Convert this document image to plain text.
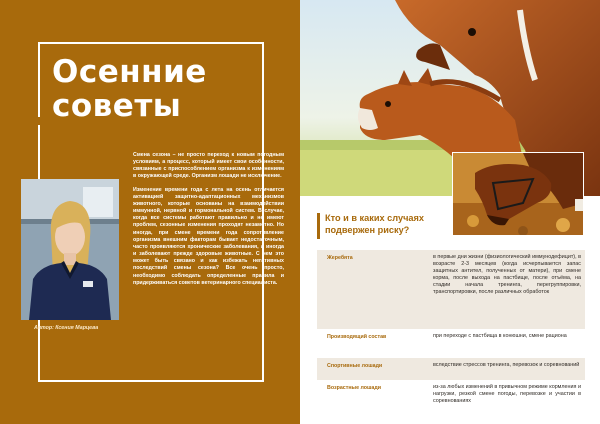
Осенние
советы
Автор: Ксения Марцева

Смена сезона – не просто переход к новым погодным условиям, а процесс, который имеет свои особенности, связанные с приспособлением организма к изменениям в окружающей среде. Организм лошади не исключение.

Изменение времени года с лета на осень отличается активацией защитно-адаптационных механизмов животного, которые основаны на взаимодействии иммунной, нервной и гормональной систем. В случае, когда все системы работают правильно и не имеют проблем, сезонные изменения проходят незаметно. Но иногда, при смене времени года сопротивление организма внешним факторам бывает недостаточным, часто проявляются хронические заболевания, а иногда и заболевают прежде здоровые животные. С чем это может быть связано и как избежать негативных последствий смены сезона? Все очень просто, необходимо соблюдать определенные правила и придерживаться советов ветеринарного специалиста.

Кто и в каких случаях
подвержен риску?
Жеребята	в первые дни жизни (физиологический иммунодефицит), в возрасте 2-3 месяцев (когда исчерпывается запас защитных антител, полученных от матери), при смене корма, после выхода на пастбище, после отъёма, на стадии начала тренинга, перегруппировки, транспортировки, после различных обработок
Производящий состав	при переходе с пастбища в конюшни, смене рациона
Спортивные лошади	вследствие стрессов тренинга, перевозок и соревнований
Возрастные лошади	из-за любых изменений в привычном режиме кормления и нагрузки, резкой смене погоды, перевозке и участии в соревнованиях
